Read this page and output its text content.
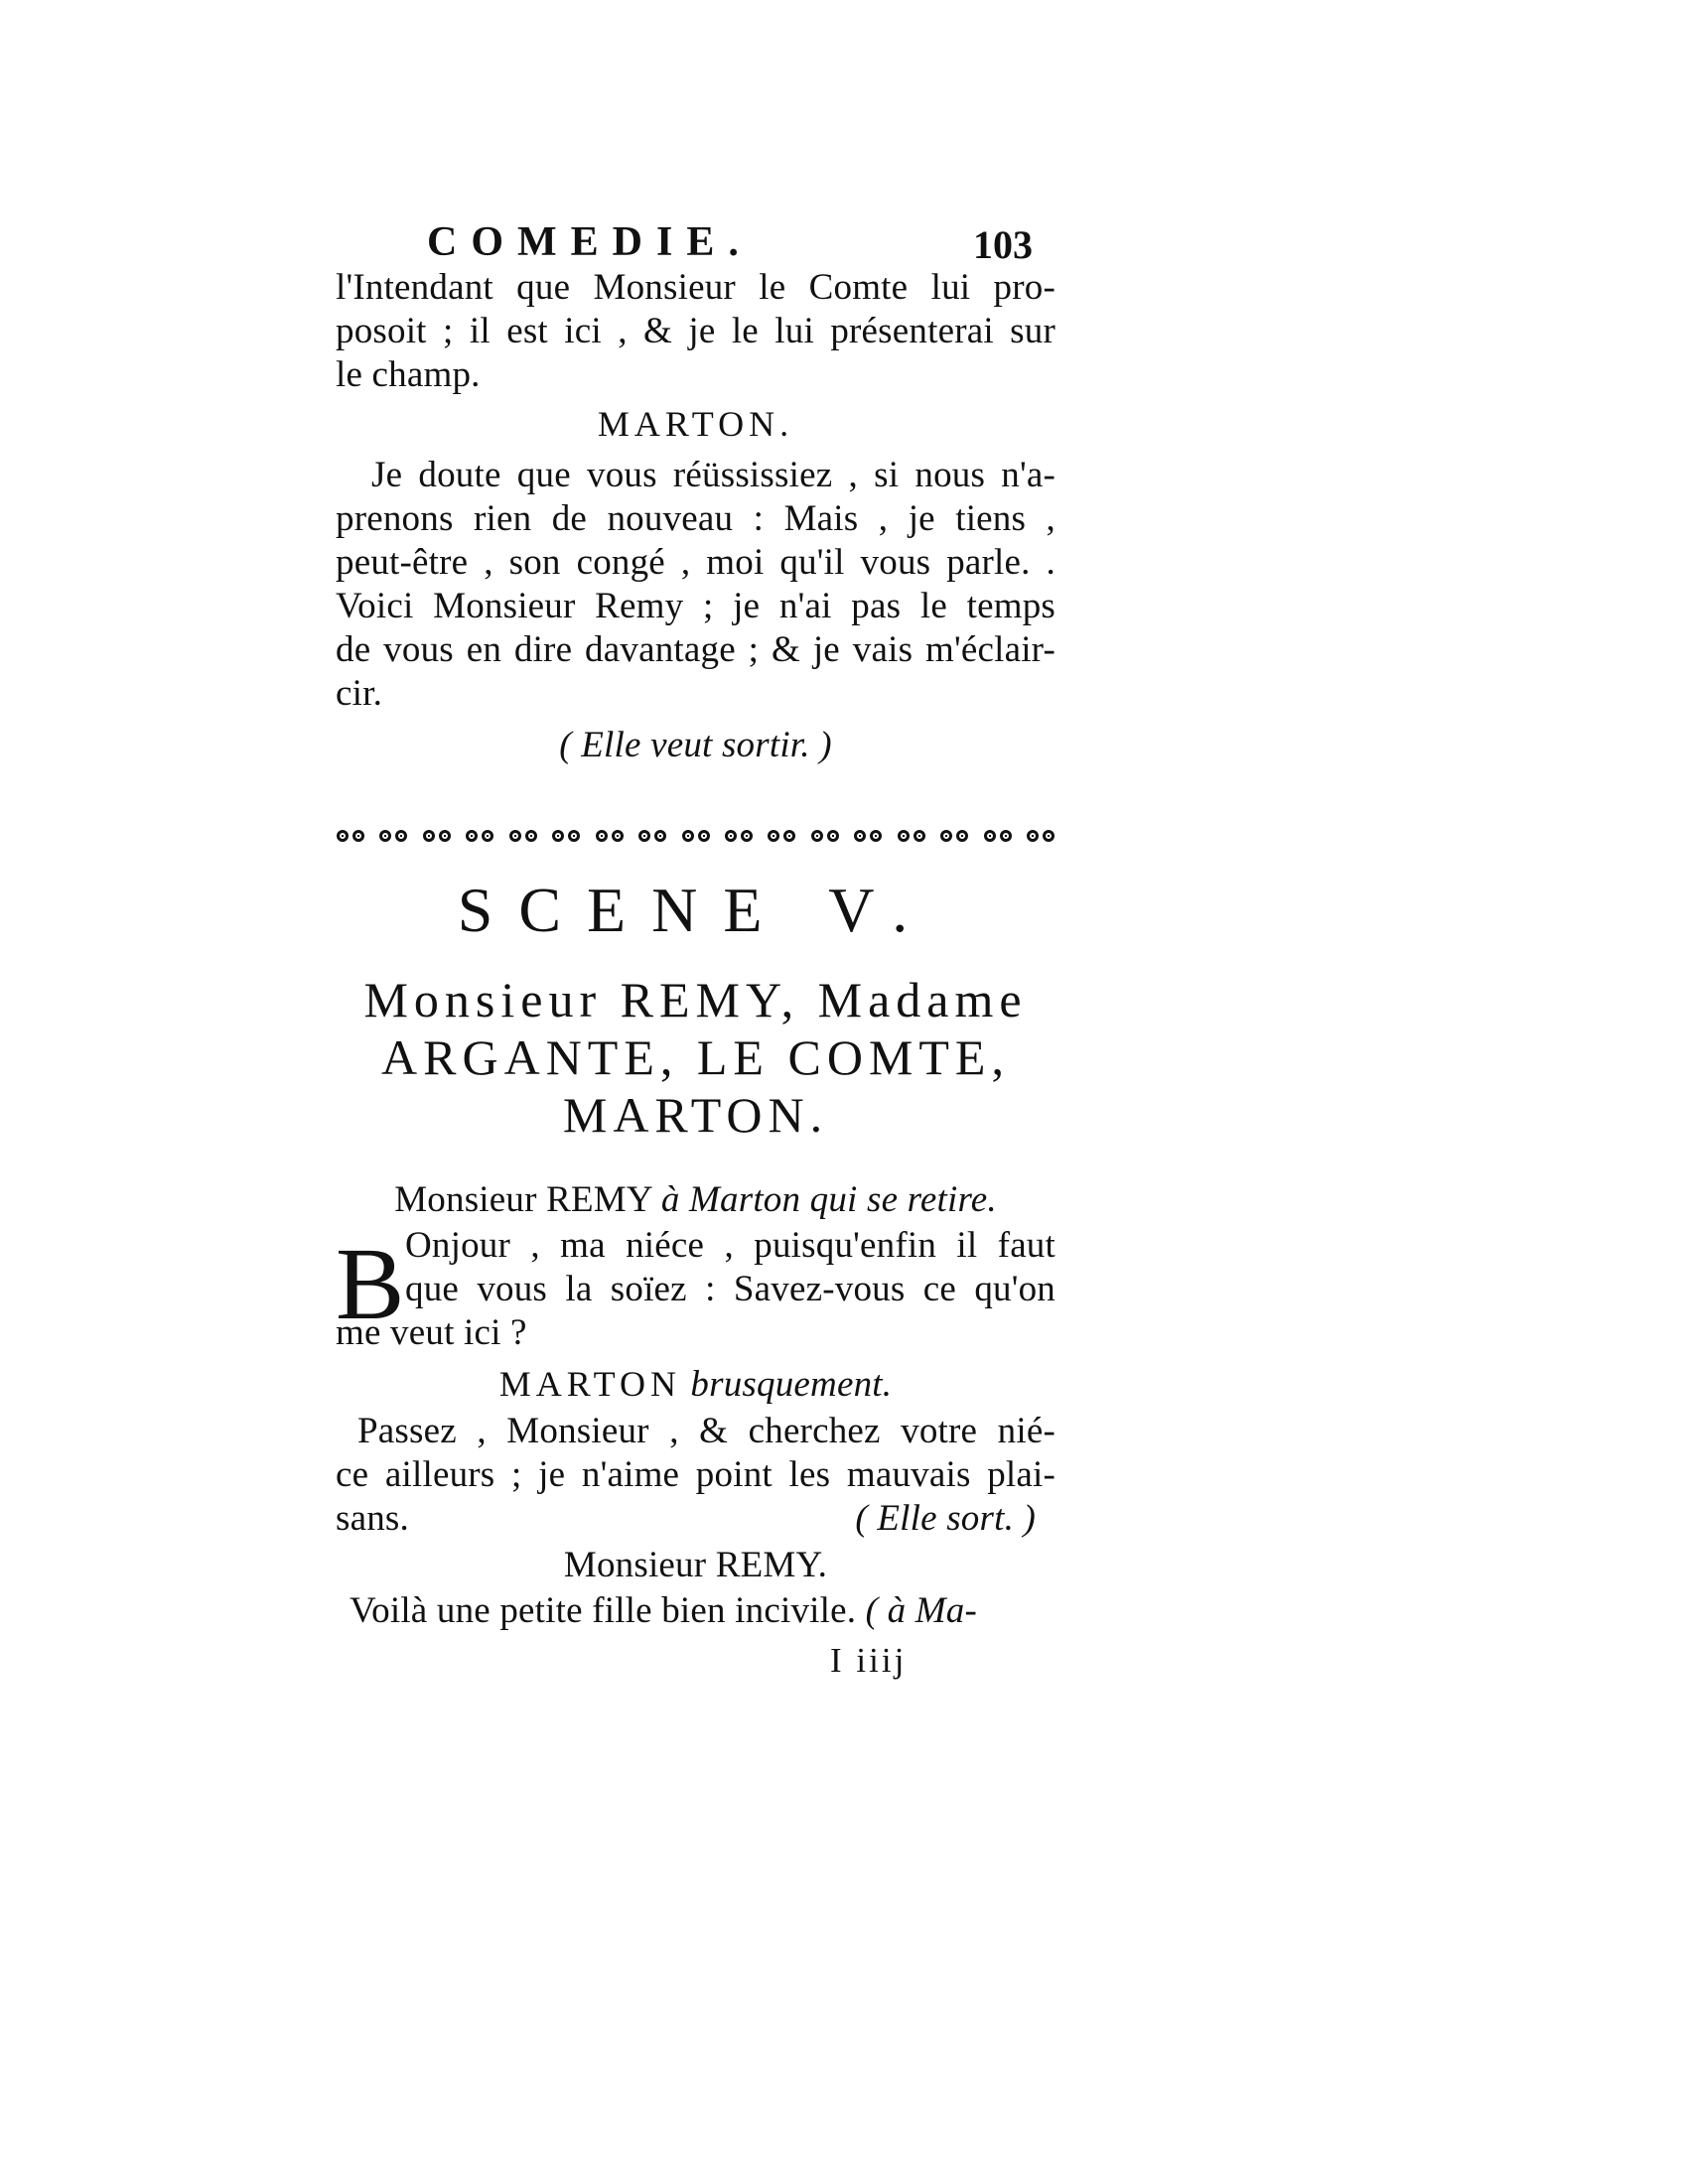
COMEDIE.	103
l'Intendant que Monsieur le Comte lui pro-
posoit ; il est ici , & je le lui présenterai sur
le champ.
MARTON.
Je doute que vous réüssissiez , si nous n'a-
prenons rien de nouveau : Mais , je tiens ,
peut-être , son congé , moi qu'il vous parle. .
Voici Monsieur Remy ; je n'ai pas le temps
de vous en dire davantage ; & je vais m'éclair-
cir.
( Elle veut sortir. )
SCENE V.
Monsieur REMY, Madame
ARGANTE, LE COMTE,
MARTON.
Monsieur REMY à Marton qui se retire.
B Onjour , ma niéce , puisqu'enfin il faut
que vous la soïez : Savez-vous ce qu'on
me veut ici ?
MARTON brusquement.
Passez , Monsieur , & cherchez votre nié-
ce ailleurs ; je n'aime point les mauvais plai-
sans.	( Elle sort. )
Monsieur REMY.
Voilà une petite fille bien incivile. ( à Ma-
I iiij
